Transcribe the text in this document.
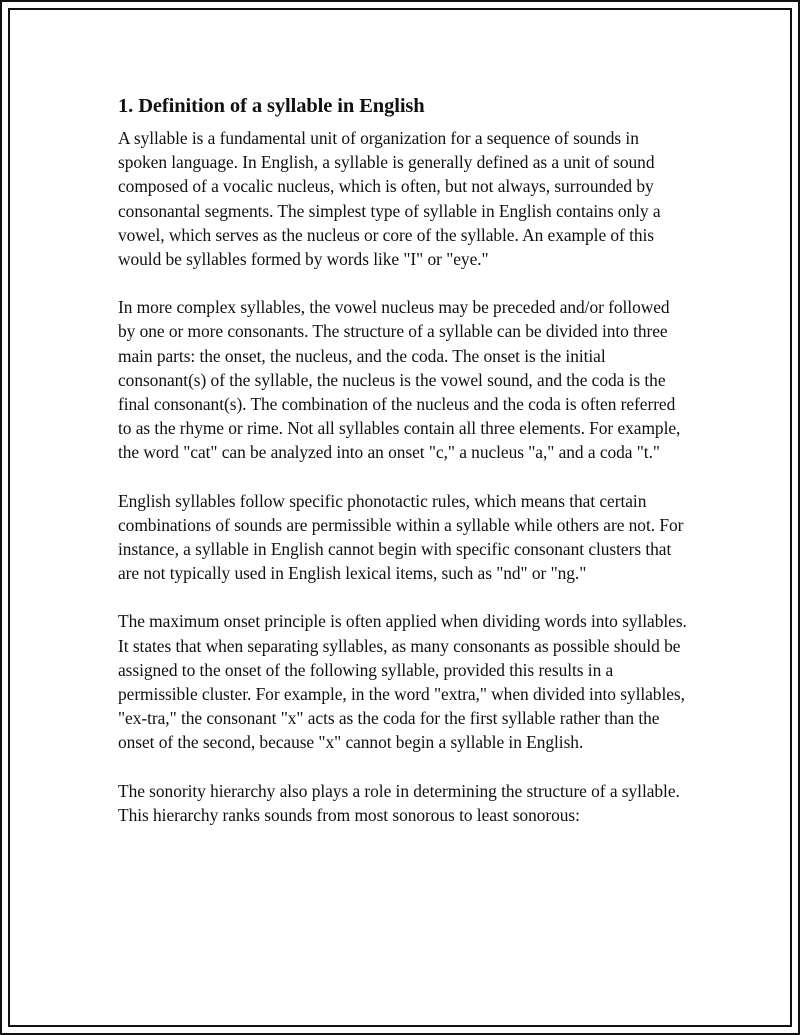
1. Definition of a syllable in English

A syllable is a fundamental unit of organization for a sequence of sounds in spoken language. In English, a syllable is generally defined as a unit of sound composed of a vocalic nucleus, which is often, but not always, surrounded by consonantal segments. The simplest type of syllable in English contains only a vowel, which serves as the nucleus or core of the syllable. An example of this would be syllables formed by words like "I" or "eye."

In more complex syllables, the vowel nucleus may be preceded and/or followed by one or more consonants. The structure of a syllable can be divided into three main parts: the onset, the nucleus, and the coda. The onset is the initial consonant(s) of the syllable, the nucleus is the vowel sound, and the coda is the final consonant(s). The combination of the nucleus and the coda is often referred to as the rhyme or rime. Not all syllables contain all three elements. For example, the word "cat" can be analyzed into an onset "c," a nucleus "a," and a coda "t."

English syllables follow specific phonotactic rules, which means that certain combinations of sounds are permissible within a syllable while others are not. For instance, a syllable in English cannot begin with specific consonant clusters that are not typically used in English lexical items, such as "nd" or "ng."

The maximum onset principle is often applied when dividing words into syllables. It states that when separating syllables, as many consonants as possible should be assigned to the onset of the following syllable, provided this results in a permissible cluster. For example, in the word "extra," when divided into syllables, "ex-tra," the consonant "x" acts as the coda for the first syllable rather than the onset of the second, because "x" cannot begin a syllable in English.

The sonority hierarchy also plays a role in determining the structure of a syllable. This hierarchy ranks sounds from most sonorous to least sonorous:
